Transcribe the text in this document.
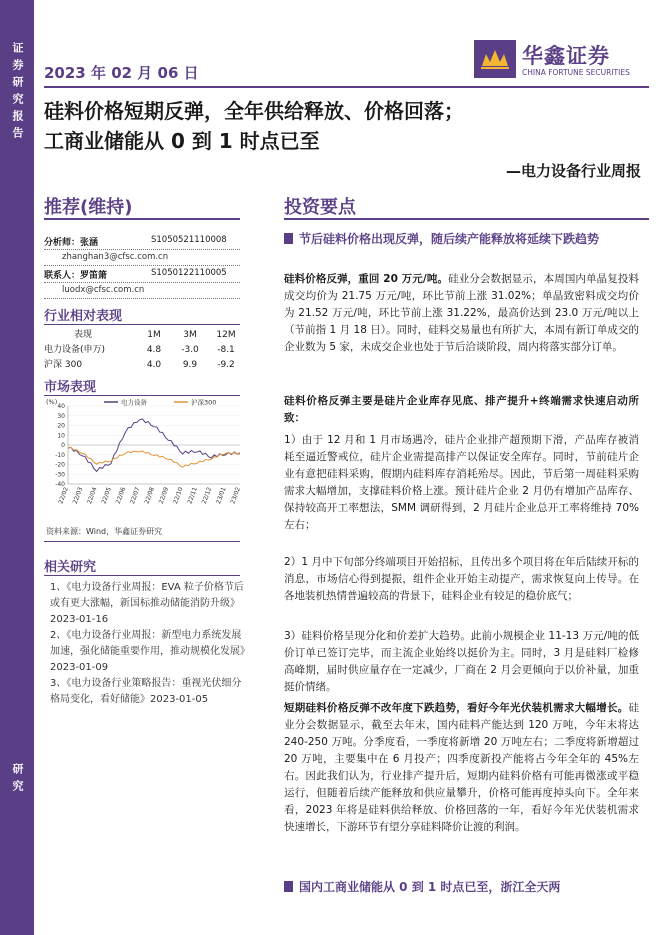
证券研究报告
研究
2023 年 02 月 06 日
华鑫证券
CHINA FORTUNE SECURITIES
硅料价格短期反弹，全年供给释放、价格回落；
工商业储能从 0 到 1 时点已至
—电力设备行业周报
推荐(维持)	投资要点
分析师：张涵	S1050521110008
zhanghan3@cfsc.com.cn
联系人：罗笛箫	S1050122110005
luodx@cfsc.com.cn
行业相对表现
表现	1M	3M	12M
电力设备(申万)	4.8	-3.0	-8.1
沪深 300	4.0	9.9	-9.2
市场表现
(%)
40
30
20
10
0
-10
-20
-30
-40
22/02 22/03 22/04 22/05 22/06 22/07 22/08 22/09 22/10 22/11 22/12 23/01 23/02
电力设备	沪深300
资料来源：Wind，华鑫证券研究
相关研究
1、《电力设备行业周报：EVA 粒子价格节后或有更大涨幅，新国标推动储能消防升级》2023-01-16
2、《电力设备行业周报：新型电力系统发展加速，强化储能重要作用，推动规模化发展》2023-01-09
3、《电力设备行业策略报告：重视光伏细分格局变化，看好储能》2023-01-05
节后硅料价格出现反弹，随后续产能释放将延续下跌趋势
硅料价格反弹，重回 20 万元/吨。硅业分会数据显示，本周国内单晶复投料成交均价为 21.75 万元/吨，环比节前上涨 31.02%；单晶致密料成交均价为 21.52 万元/吨，环比节前上涨 31.22%，最高价达到 23.0 万元/吨以上（节前指 1 月 18 日）。同时，硅料交易量也有所扩大，本周有新订单成交的企业数为 5 家，未成交企业也处于节后洽谈阶段，周内将落实部分订单。
硅料价格反弹主要是硅片企业库存见底、排产提升+终端需求快速启动所致：
1）由于 12 月和 1 月市场遇冷，硅片企业排产超预期下滑，产品库存被消耗至逼近警戒位，硅片企业需提高排产以保证安全库存。同时，节前硅片企业有意把硅料采购，假期内硅料库存消耗殆尽。因此，节后第一周硅料采购需求大幅增加，支撑硅料价格上涨。预计硅片企业 2 月仍有增加产品库存、保持较高开工率想法，SMM 调研得到，2 月硅片企业总开工率将维持 70%左右；
2）1 月中下旬部分终端项目开始招标，且传出多个项目将在年后陆续开标的消息，市场信心得到提振，组件企业开始主动提产，需求恢复向上传导。在各地装机热情普遍较高的背景下，硅料企业有较足的稳价底气；
3）硅料价格呈现分化和价差扩大趋势。此前小规模企业 11-13 万元/吨的低价订单已签订完毕，而主流企业始终以挺价为主。同时，3 月是硅料厂检修高峰期，届时供应量存在一定减少，厂商在 2 月会更倾向于以价补量，加重挺价情绪。
短期硅料价格反弹不改年度下跌趋势，看好今年光伏装机需求大幅增长。硅业分会数据显示，截至去年末，国内硅料产能达到 120 万吨，今年末将达 240-250 万吨。分季度看，一季度将新增 20 万吨左右；二季度将新增超过 20 万吨，主要集中在 6 月投产；四季度新投产能将占今年全年的 45%左右。因此我们认为，行业排产提升后，短期内硅料价格有可能再微涨或平稳运行，但随着后续产能释放和供应量攀升，价格可能再度掉头向下。全年来看，2023 年将是硅料供给释放、价格回落的一年，看好今年光伏装机需求快速增长，下游环节有望分享硅料降价让渡的利润。
国内工商业储能从 0 到 1 时点已至，浙江全天两
